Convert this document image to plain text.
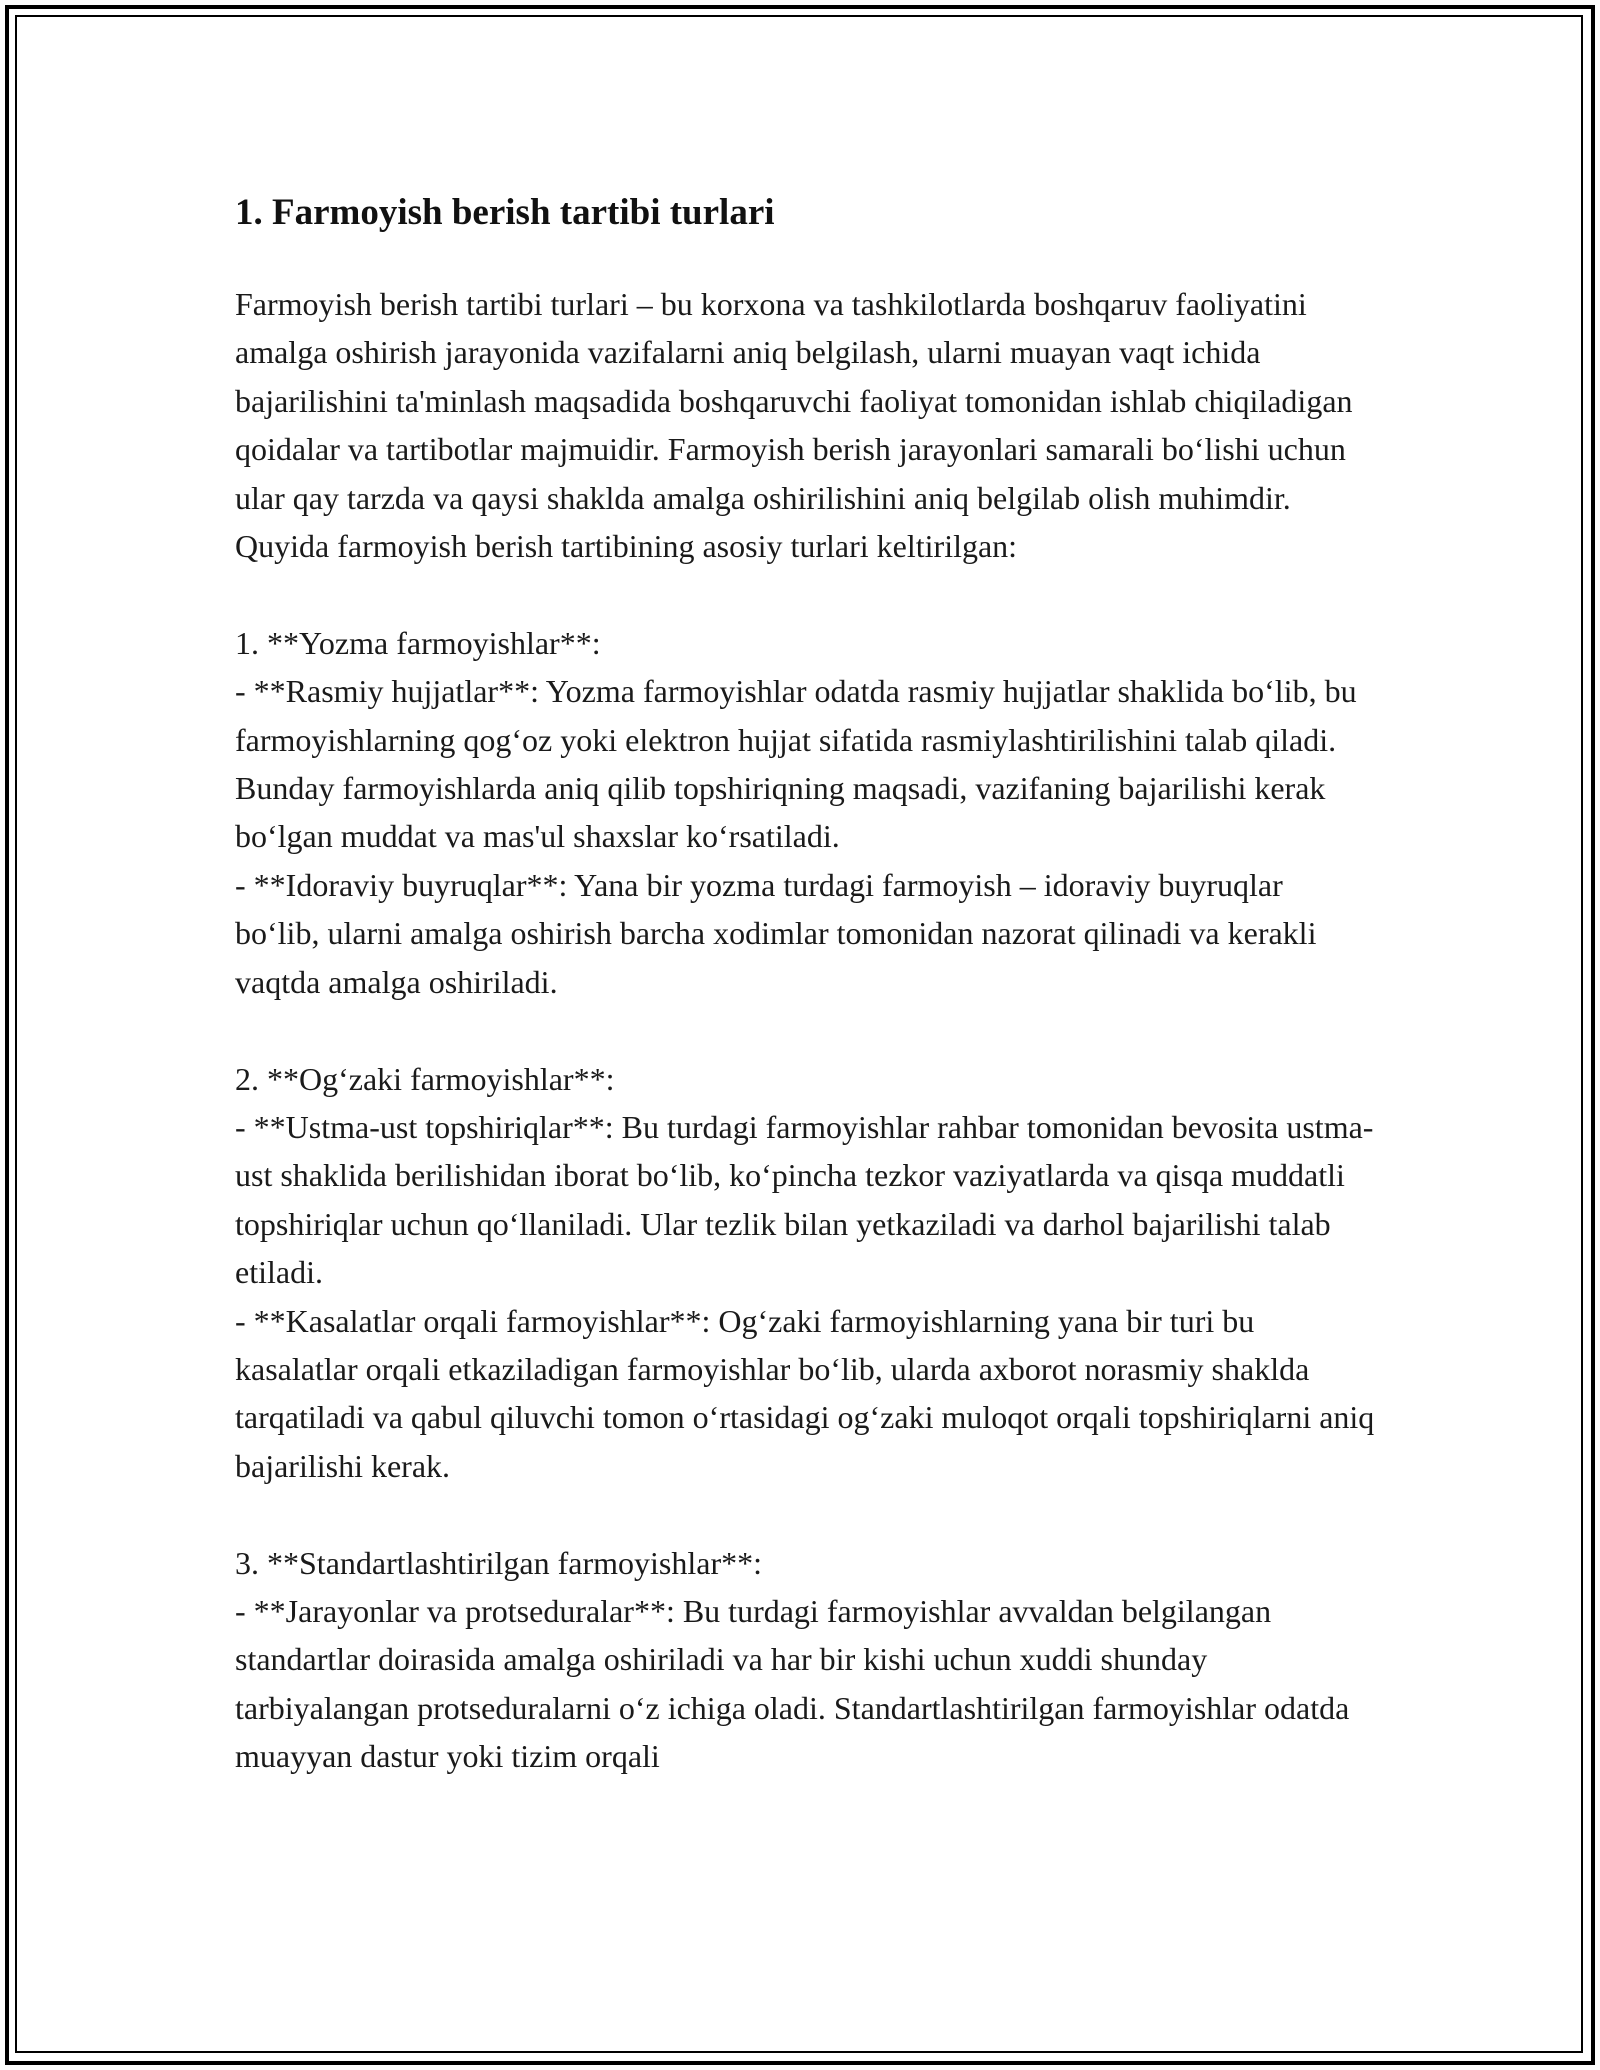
1. Farmoyish berish tartibi turlari

Farmoyish berish tartibi turlari – bu korxona va tashkilotlarda boshqaruv faoliyatini amalga oshirish jarayonida vazifalarni aniq belgilash, ularni muayan vaqt ichida bajarilishini ta'minlash maqsadida boshqaruvchi faoliyat tomonidan ishlab chiqiladigan qoidalar va tartibotlar majmuidir. Farmoyish berish jarayonlari samarali bo‘lishi uchun ular qay tarzda va qaysi shaklda amalga oshirilishini aniq belgilab olish muhimdir. Quyida farmoyish berish tartibining asosiy turlari keltirilgan:

1. **Yozma farmoyishlar**:
- **Rasmiy hujjatlar**: Yozma farmoyishlar odatda rasmiy hujjatlar shaklida bo‘lib, bu farmoyishlarning qog‘oz yoki elektron hujjat sifatida rasmiylashtirilishini talab qiladi. Bunday farmoyishlarda aniq qilib topshiriqning maqsadi, vazifaning bajarilishi kerak bo‘lgan muddat va mas'ul shaxslar ko‘rsatiladi.
- **Idoraviy buyruqlar**: Yana bir yozma turdagi farmoyish – idoraviy buyruqlar bo‘lib, ularni amalga oshirish barcha xodimlar tomonidan nazorat qilinadi va kerakli vaqtda amalga oshiriladi.

2. **Og‘zaki farmoyishlar**:
- **Ustma-ust topshiriqlar**: Bu turdagi farmoyishlar rahbar tomonidan bevosita ustma-ust shaklida berilishidan iborat bo‘lib, ko‘pincha tezkor vaziyatlarda va qisqa muddatli topshiriqlar uchun qo‘llaniladi. Ular tezlik bilan yetkaziladi va darhol bajarilishi talab etiladi.
- **Kasalatlar orqali farmoyishlar**: Og‘zaki farmoyishlarning yana bir turi bu kasalatlar orqali etkaziladigan farmoyishlar bo‘lib, ularda axborot norasmiy shaklda tarqatiladi va qabul qiluvchi tomon o‘rtasidagi og‘zaki muloqot orqali topshiriqlarni aniq bajarilishi kerak.

3. **Standartlashtirilgan farmoyishlar**:
- **Jarayonlar va protseduralar**: Bu turdagi farmoyishlar avvaldan belgilangan standartlar doirasida amalga oshiriladi va har bir kishi uchun xuddi shunday tarbiyalangan protseduralarni o‘z ichiga oladi. Standartlashtirilgan farmoyishlar odatda muayyan dastur yoki tizim orqali
